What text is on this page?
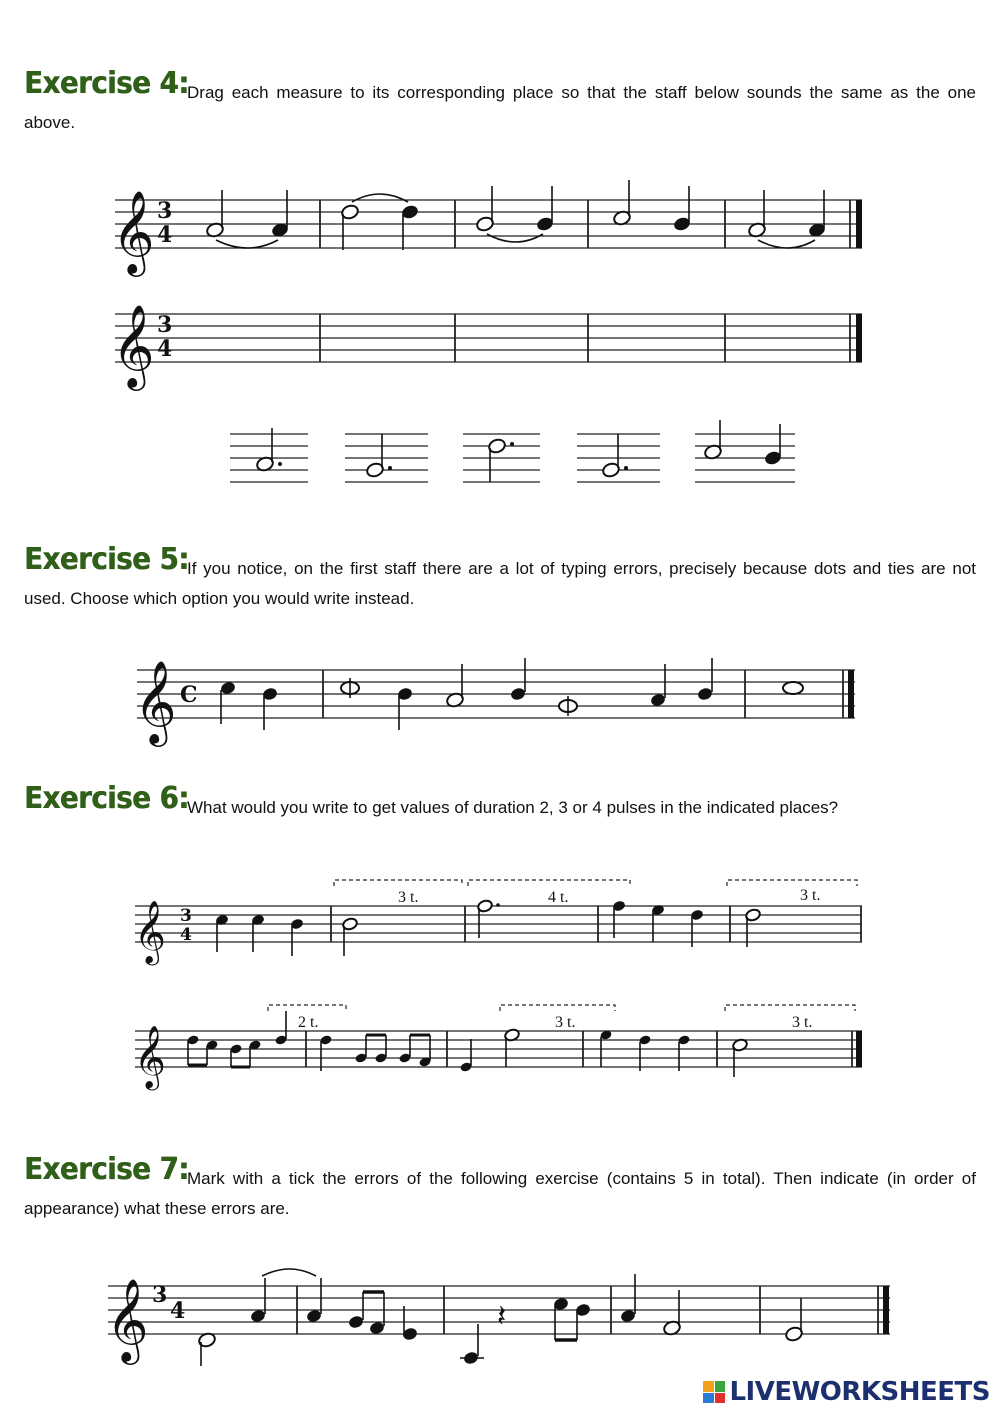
Exercise 4:
Drag each measure to its corresponding place so that the staff below sounds the same as the one above.
𝄞 3
4
𝄞 3
4
Exercise 5:
If you notice, on the first staff there are a lot of typing errors, precisely because dots and ties are not used. Choose which option you would write instead.
𝄞 C
Exercise 6:
What would you write to get values of duration 2, 3 or 4 pulses in the indicated places?
3 t.	4 t.	3 t.
𝄞 3
4
2 t.	3 t.	3 t.
𝄞
Exercise 7:
Mark with a tick the errors of the following exercise (contains 5 in total). Then indicate (in order of appearance) what these errors are.
𝄞 3
4	𝄽
LIVEWORKSHEETS
